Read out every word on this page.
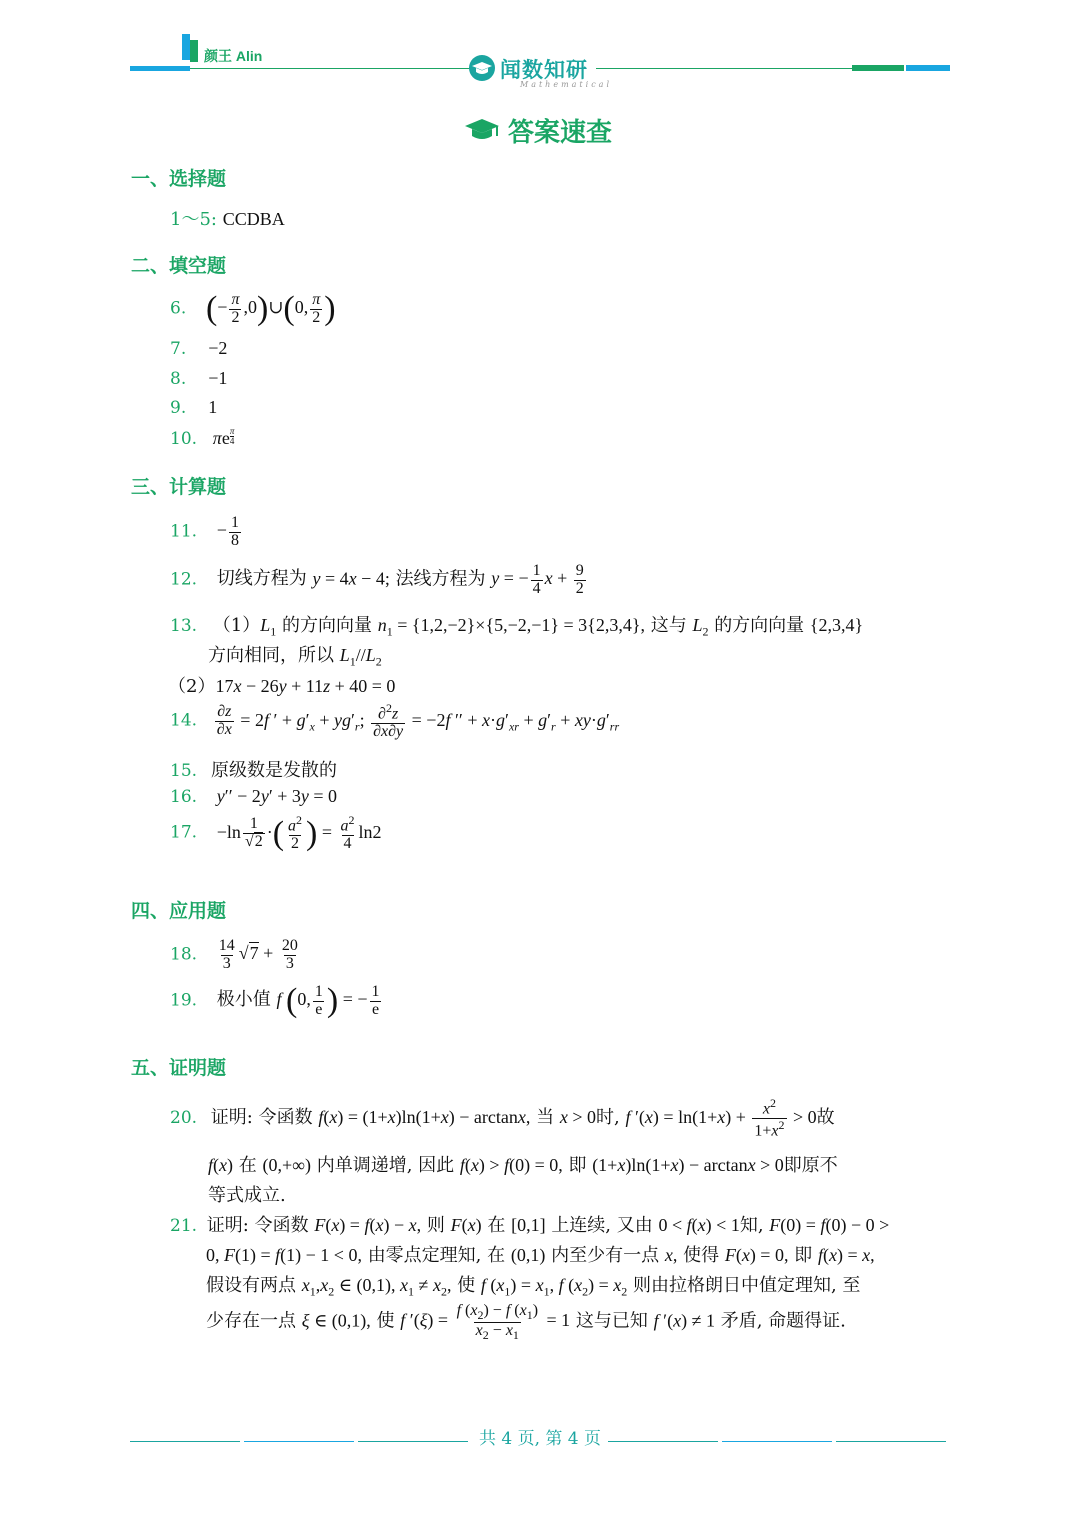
颜王 Alin
闻数知研
Mathematical
答案速查
一、选择题
1～5: CCDBA
二、填空题
6. (− $\frac{\pi}{2}$ ,0)∪(0, $\frac{\pi}{2}$ )
7. −2
8. −1
9. 1
10. πe $\frac{\pi}{4}$
三、计算题
11. − $\frac{1}{8}$
12. 切线方程为 y = 4x − 4; 法线方程为 y = − $\frac{1}{4}$ $x + \frac{9}{2}$
13. $(1)L_1$ 的方向向量 $n_1 = \{1,2,-2\}\times\{5,-2,-1\} = 3\{2,3,4\}$, 这与 $L_2$ 的方向向量 {2,3,4}
方向相同，所以 $L_1//L_2$
（2）17x − 26y + 11z + 40 = 0
14. $\frac{\partial z}{\partial x} = 2f$ ′ + $g'_x + yg'_r$; $\frac{\partial^2z}{\partial x\partial y} = -2f$ ′′ + $x\cdot g'_{xr} + g'_r + xy\cdot g'_{rr}$
15. 原级数是发散的
16. y′′ − 2y′ + 3y = 0
17. $-\ln \frac{1}{√2}$ ·( $\frac{a^2}{2}$ ) = $\frac{a^2}{4} \ln 2$
四、应用题
18. $\frac{14}{3} √7 + \frac{20}{3}$
19. 极小值 f (0, $\frac{1}{e}$ ) = − $\frac{1}{e}$
五、证明题
20. 证明: 令函数 f(x) = (1+x)ln(1+x) − arctanx, 当 x > 0时, f $'(x) = \ln(1+x) + \frac{x^2}{1+x^2} > 0$故
f(x) 在 (0,+∞) 内单调递增, 因此 f(x) > f(0) = 0, 即 (1+x)ln(1+x) − arctanx > 0即原不
等式成立.
21. 证明: 令函数 F(x) = f(x) − x, 则 F(x) 在 [0,1] 上连续, 又由 0 < f(x) < 1知, F(0) = f(0) − 0 >
0, F(1) = f(1) − 1 < 0, 由零点定理知, 在 (0,1) 内至少有一点 x, 使得 F(x) = 0, 即 f(x) = x,
假设有两点 $x_1,x_2$ ∈ (0,1), $x_1 \ne x_2$, 使 f $(x_1) = x_1$, f $(x_2) = x_2$ 则由拉格朗日中值定理知, 至
少存在一点 ξ ∈ (0,1), 使 f $'(\xi) = \frac{f (x_2) - f (x_1)}{x_2 - x_1} = 1$ 这与已知 f ′(x) ≠ 1 矛盾, 命题得证.
共 4 页, 第 4 页
